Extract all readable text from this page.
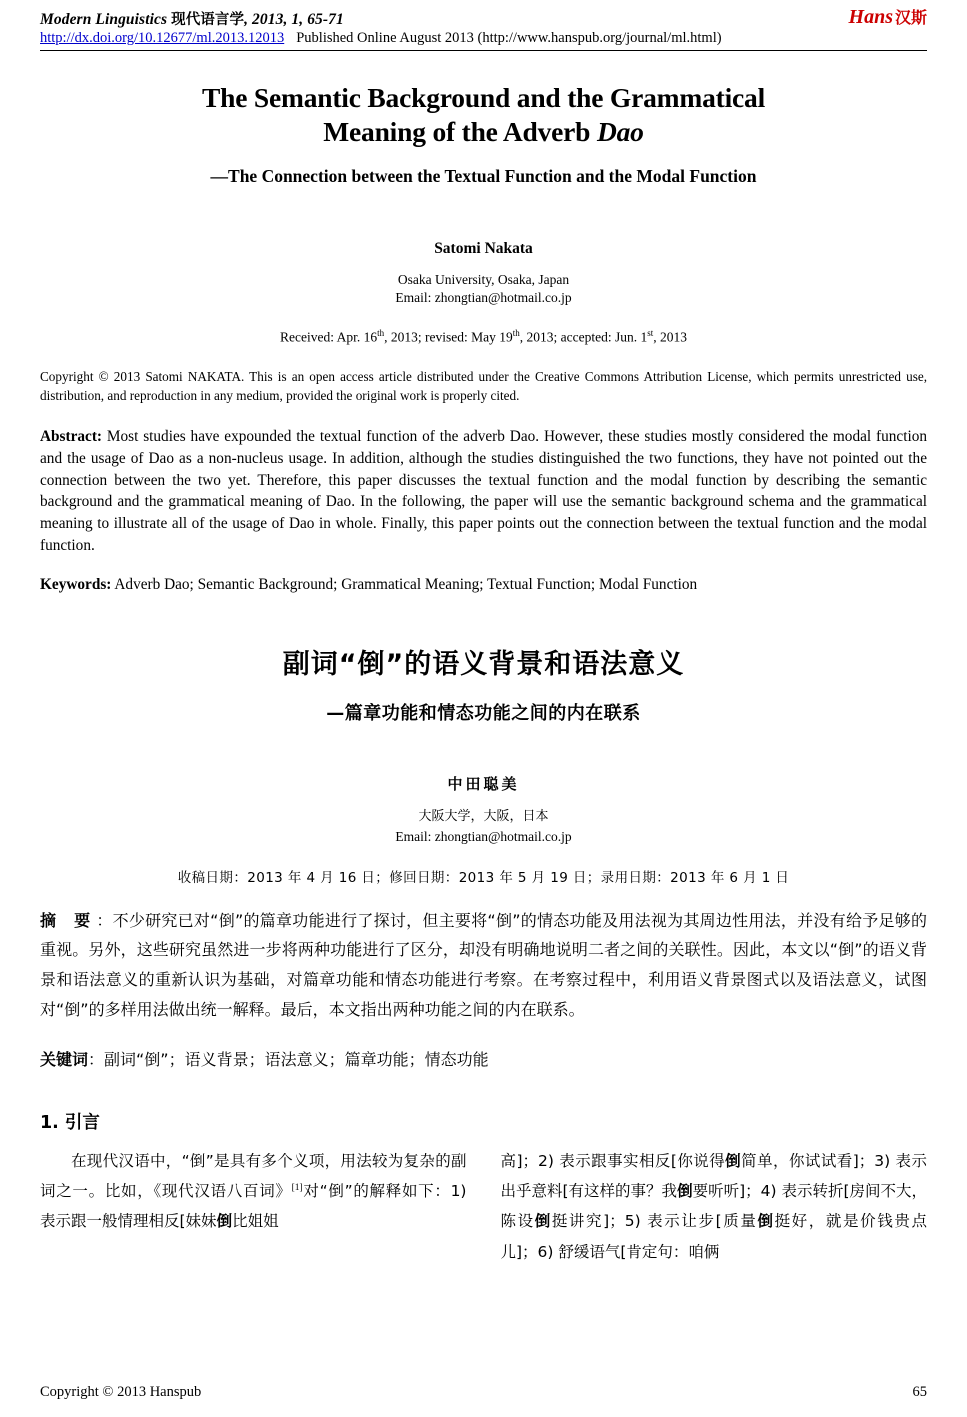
Modern Linguistics 现代语言学, 2013, 1, 65-71
http://dx.doi.org/10.12677/ml.2013.12013 Published Online August 2013 (http://www.hanspub.org/journal/ml.html)
Hans 汉斯
The Semantic Background and the Grammatical
Meaning of the Adverb Dao
—The Connection between the Textual Function and the Modal Function
Satomi Nakata
Osaka University, Osaka, Japan
Email: zhongtian@hotmail.co.jp
Received: Apr. 16th, 2013; revised: May 19th, 2013; accepted: Jun. 1st, 2013
Copyright © 2013 Satomi NAKATA. This is an open access article distributed under the Creative Commons Attribution License, which permits unrestricted use, distribution, and reproduction in any medium, provided the original work is properly cited.
Abstract: Most studies have expounded the textual function of the adverb Dao. However, these studies mostly considered the modal function and the usage of Dao as a non-nucleus usage. In addition, although the studies distinguished the two functions, they have not pointed out the connection between the two yet. Therefore, this paper discusses the textual function and the modal function by describing the semantic background and the grammatical meaning of Dao. In the following, the paper will use the semantic background schema and the grammatical meaning to illustrate all of the usage of Dao in whole. Finally, this paper points out the connection between the textual function and the modal function.
Keywords: Adverb Dao; Semantic Background; Grammatical Meaning; Textual Function; Modal Function
副词“倒”的语义背景和语法意义
—篇章功能和情态功能之间的内在联系
中田聪美
大阪大学，大阪，日本
Email: zhongtian@hotmail.co.jp
收稿日期：2013 年 4 月 16 日；修回日期：2013 年 5 月 19 日；录用日期：2013 年 6 月 1 日
摘 要：不少研究已对“倒”的篇章功能进行了探讨，但主要将“倒”的情态功能及用法视为其周边性用法，并没有给予足够的重视。另外，这些研究虽然进一步将两种功能进行了区分，却没有明确地说明二者之间的关联性。因此，本文以“倒”的语义背景和语法意义的重新认识为基础，对篇章功能和情态功能进行考察。在考察过程中，利用语义背景图式以及语法意义，试图对“倒”的多样用法做出统一解释。最后，本文指出两种功能之间的内在联系。
关键词：副词“倒”；语义背景；语法意义；篇章功能；情态功能
1. 引言

在现代汉语中，“倒”是具有多个义项，用法较为复杂的副词之一。比如，《现代汉语八百词》[1]对“倒”的解释如下：1) 表示跟一般情理相反[妹妹倒比姐姐

高]；2) 表示跟事实相反[你说得倒简单，你试试看]；3) 表示出乎意料[有这样的事？我倒要听听]；4) 表示转折[房间不大，陈设倒挺讲究]；5) 表示让步[质量倒挺好，就是价钱贵点儿]；6) 舒缓语气[肯定句：咱俩

Copyright © 2013 Hanspub	65
